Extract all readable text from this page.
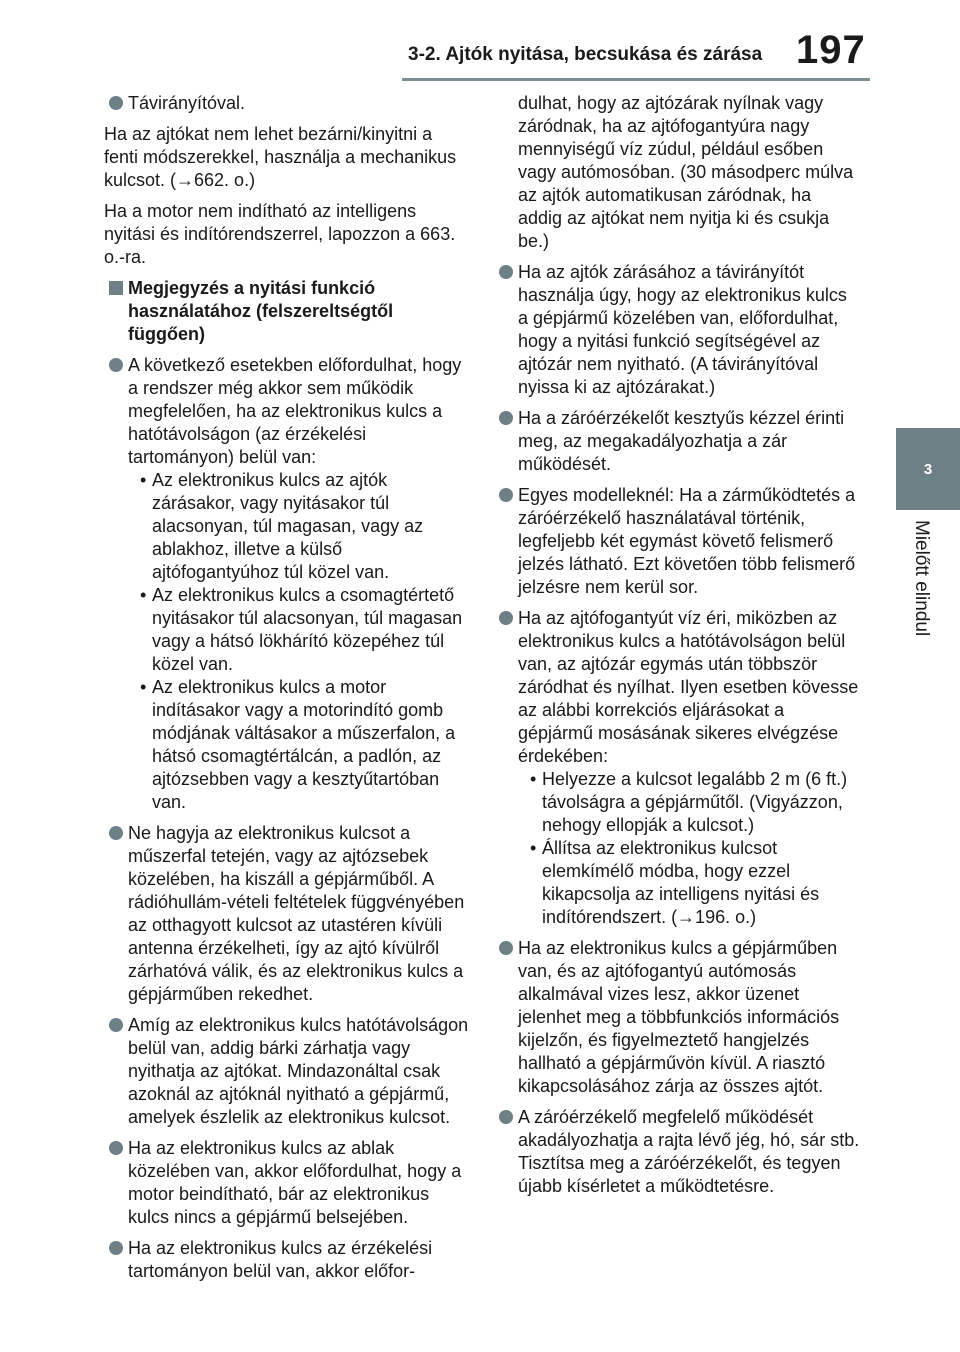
3-2. Ajtók nyitása, becsukása és zárása 197
3
Mielőtt elindul
Távirányítóval.

Ha az ajtókat nem lehet bezárni/kinyitni a fenti módszerekkel, használja a mechanikus kulcsot. (→662. o.)

Ha a motor nem indítható az intelligens nyitási és indítórendszerrel, lapozzon a 663. o.-ra.

Megjegyzés a nyitási funkció használatához (felszereltségtől függően)
A következő esetekben előfordulhat, hogy a rendszer még akkor sem működik megfelelően, ha az elektronikus kulcs a hatótávolságon (az érzékelési tartományon) belül van:
• Az elektronikus kulcs az ajtók zárásakor, vagy nyitásakor túl alacsonyan, túl magasan, vagy az ablakhoz, illetve a külső ajtófogantyúhoz túl közel van.
• Az elektronikus kulcs a csomagtértető nyitásakor túl alacsonyan, túl magasan vagy a hátsó lökhárító közepéhez túl közel van.
• Az elektronikus kulcs a motor indításakor vagy a motorindító gomb módjának váltásakor a műszerfalon, a hátsó csomagtértálcán, a padlón, az ajtózsebben vagy a kesztyűtartóban van.
Ne hagyja az elektronikus kulcsot a műszerfal tetején, vagy az ajtózsebek közelében, ha kiszáll a gépjárműből. A rádióhullám-vételi feltételek függvényében az otthagyott kulcsot az utastéren kívüli antenna érzékelheti, így az ajtó kívülről zárhatóvá válik, és az elektronikus kulcs a gépjárműben rekedhet.
Amíg az elektronikus kulcs hatótávolságon belül van, addig bárki zárhatja vagy nyithatja az ajtókat. Mindazonáltal csak azoknál az ajtóknál nyitható a gépjármű, amelyek észlelik az elektronikus kulcsot.
Ha az elektronikus kulcs az ablak közelében van, akkor előfordulhat, hogy a motor beindítható, bár az elektronikus kulcs nincs a gépjármű belsejében.
Ha az elektronikus kulcs az érzékelési tartományon belül van, akkor előfor-
dulhat, hogy az ajtózárak nyílnak vagy záródnak, ha az ajtófogantyúra nagy mennyiségű víz zúdul, például esőben vagy autómosóban. (30 másodperc múlva az ajtók automatikusan záródnak, ha addig az ajtókat nem nyitja ki és csukja be.)
Ha az ajtók zárásához a távirányítót használja úgy, hogy az elektronikus kulcs a gépjármű közelében van, előfordulhat, hogy a nyitási funkció segítségével az ajtózár nem nyitható. (A távirányítóval nyissa ki az ajtózárakat.)
Ha a záróérzékelőt kesztyűs kézzel érinti meg, az megakadályozhatja a zár működését.
Egyes modelleknél: Ha a zárműködtetés a záróérzékelő használatával történik, legfeljebb két egymást követő felismerő jelzés látható. Ezt követően több felismerő jelzésre nem kerül sor.
Ha az ajtófogantyút víz éri, miközben az elektronikus kulcs a hatótávolságon belül van, az ajtózár egymás után többször záródhat és nyílhat. Ilyen esetben kövesse az alábbi korrekciós eljárásokat a gépjármű mosásának sikeres elvégzése érdekében:
• Helyezze a kulcsot legalább 2 m (6 ft.) távolságra a gépjárműtől. (Vigyázzon, nehogy ellopják a kulcsot.)
• Állítsa az elektronikus kulcsot elemkímélő módba, hogy ezzel kikapcsolja az intelligens nyitási és indítórendszert. (→196. o.)
Ha az elektronikus kulcs a gépjárműben van, és az ajtófogantyú autómosás alkalmával vizes lesz, akkor üzenet jelenhet meg a többfunkciós információs kijelzőn, és figyelmeztető hangjelzés hallható a gépjárművön kívül. A riasztó kikapcsolásához zárja az összes ajtót.
A záróérzékelő megfelelő működését akadályozhatja a rajta lévő jég, hó, sár stb. Tisztítsa meg a záróérzékelőt, és tegyen újabb kísérletet a működtetésre.
